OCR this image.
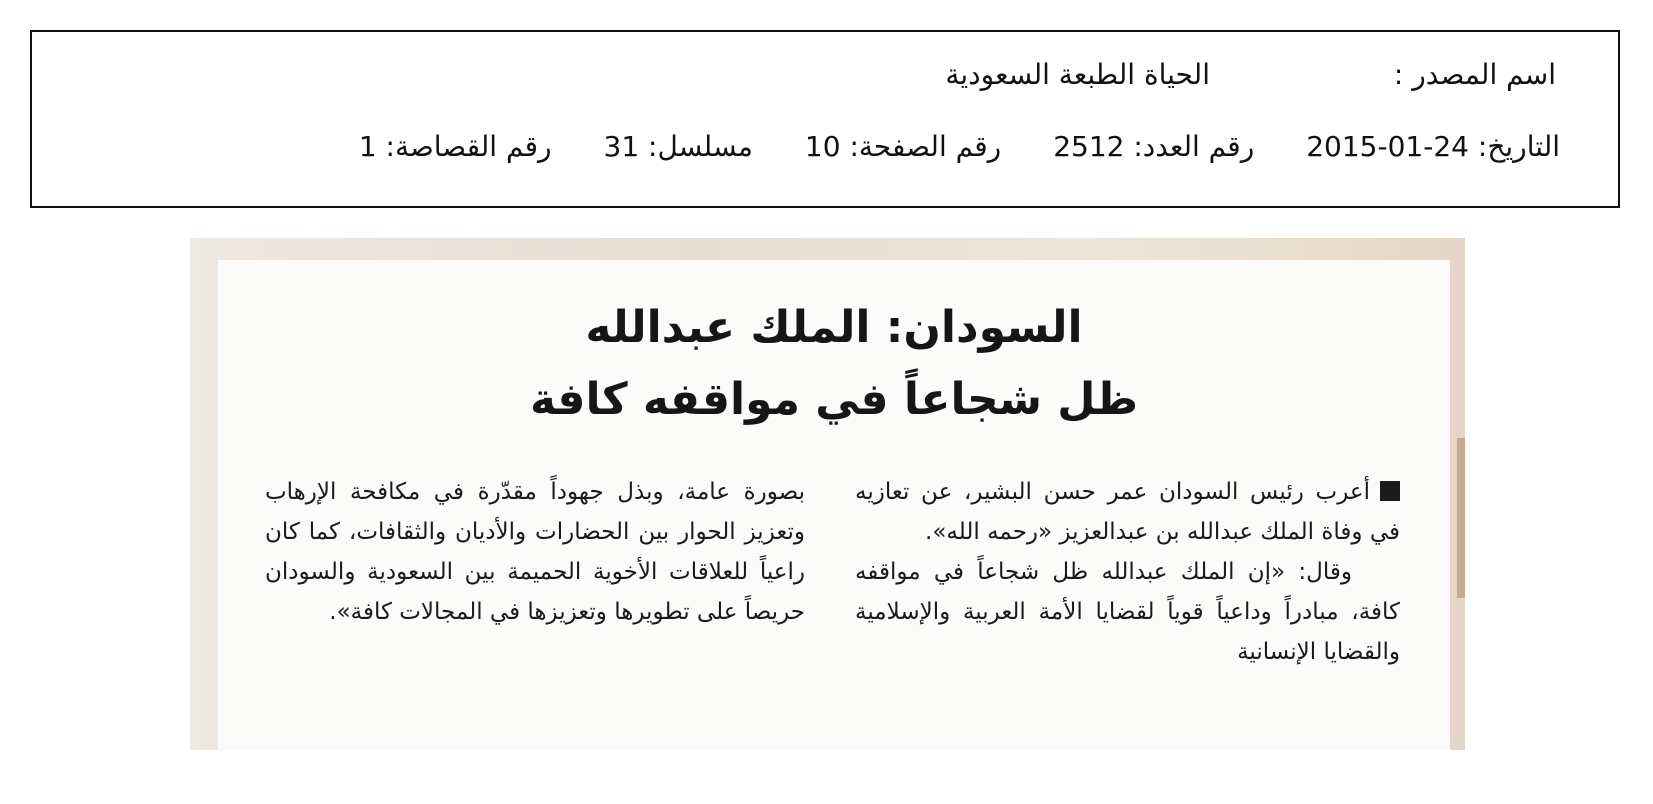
اسم المصدر :
الحياة الطبعة السعودية
التاريخ: 24-01-2015
رقم العدد: 2512
رقم الصفحة: 10
مسلسل: 31
رقم القصاصة: 1
السودان: الملك عبدالله
ظل شجاعاً في مواقفه كافة

أعرب رئيس السودان عمر حسن البشير، عن تعازيه في وفاة الملك عبدالله بن عبدالعزيز «رحمه الله».

وقال: «إن الملك عبدالله ظل شجاعاً في مواقفه كافة، مبادراً وداعياً قوياً لقضايا الأمة العربية والإسلامية والقضايا الإنسانية

بصورة عامة، وبذل جهوداً مقدّرة في مكافحة الإرهاب وتعزيز الحوار بين الحضارات والأديان والثقافات، كما كان راعياً للعلاقات الأخوية الحميمة بين السعودية والسودان حريصاً على تطويرها وتعزيزها في المجالات كافة».
